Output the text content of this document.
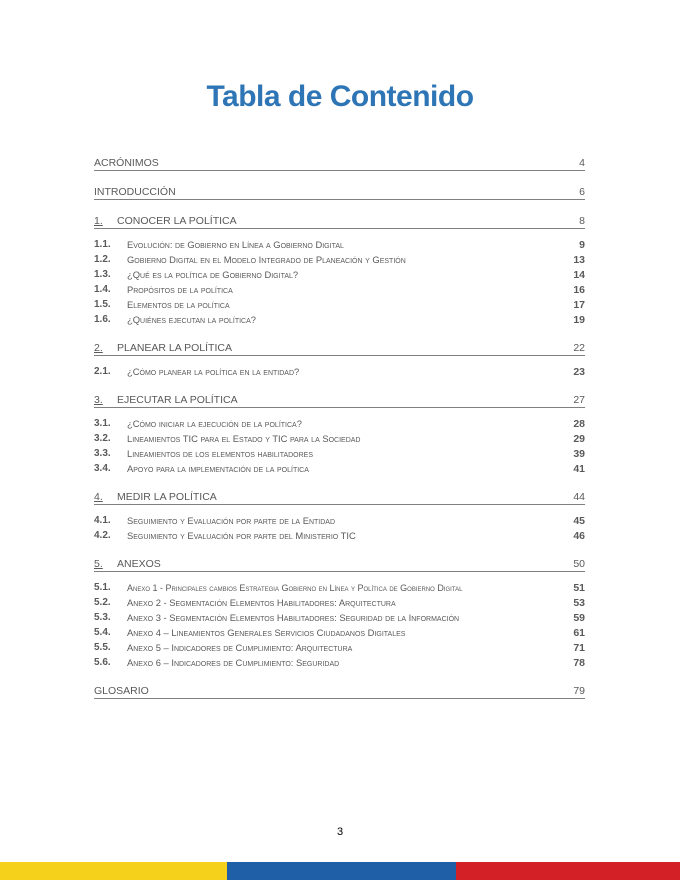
Tabla de Contenido
ACRÓNIMOS	4
INTRODUCCIÓN	6
1.	CONOCER LA POLÍTICA	8
1.1.	Evolución: de Gobierno en Línea a Gobierno Digital	9
1.2.	Gobierno Digital en el Modelo Integrado de Planeación y Gestión	13
1.3.	¿Qué es la política de Gobierno Digital?	14
1.4.	Propósitos de la política	16
1.5.	Elementos de la política	17
1.6.	¿Quiénes ejecutan la política?	19
2.	PLANEAR LA POLÍTICA	22
2.1.	¿Cómo planear la política en la entidad?	23
3.	EJECUTAR LA POLÍTICA	27
3.1.	¿Cómo iniciar la ejecución de la política?	28
3.2.	Lineamientos TIC para el Estado y TIC para la Sociedad	29
3.3.	Lineamientos de los elementos habilitadores	39
3.4.	Apoyo para la implementación de la política	41
4.	MEDIR LA POLÍTICA	44
4.1.	Seguimiento y Evaluación por parte de la Entidad	45
4.2.	Seguimiento y Evaluación por parte del Ministerio TIC	46
5.	ANEXOS	50
5.1.	Anexo 1 - Principales cambios Estrategia Gobierno en Línea y Política de Gobierno Digital	51
5.2.	Anexo 2 - Segmentación Elementos Habilitadores: Arquitectura	53
5.3.	Anexo 3 - Segmentación Elementos Habilitadores: Seguridad de la Información	59
5.4.	Anexo 4 – Lineamientos Generales Servicios Ciudadanos Digitales	61
5.5.	Anexo 5 – Indicadores de Cumplimiento: Arquitectura	71
5.6.	Anexo 6 – Indicadores de Cumplimiento: Seguridad	78
GLOSARIO	79
3
